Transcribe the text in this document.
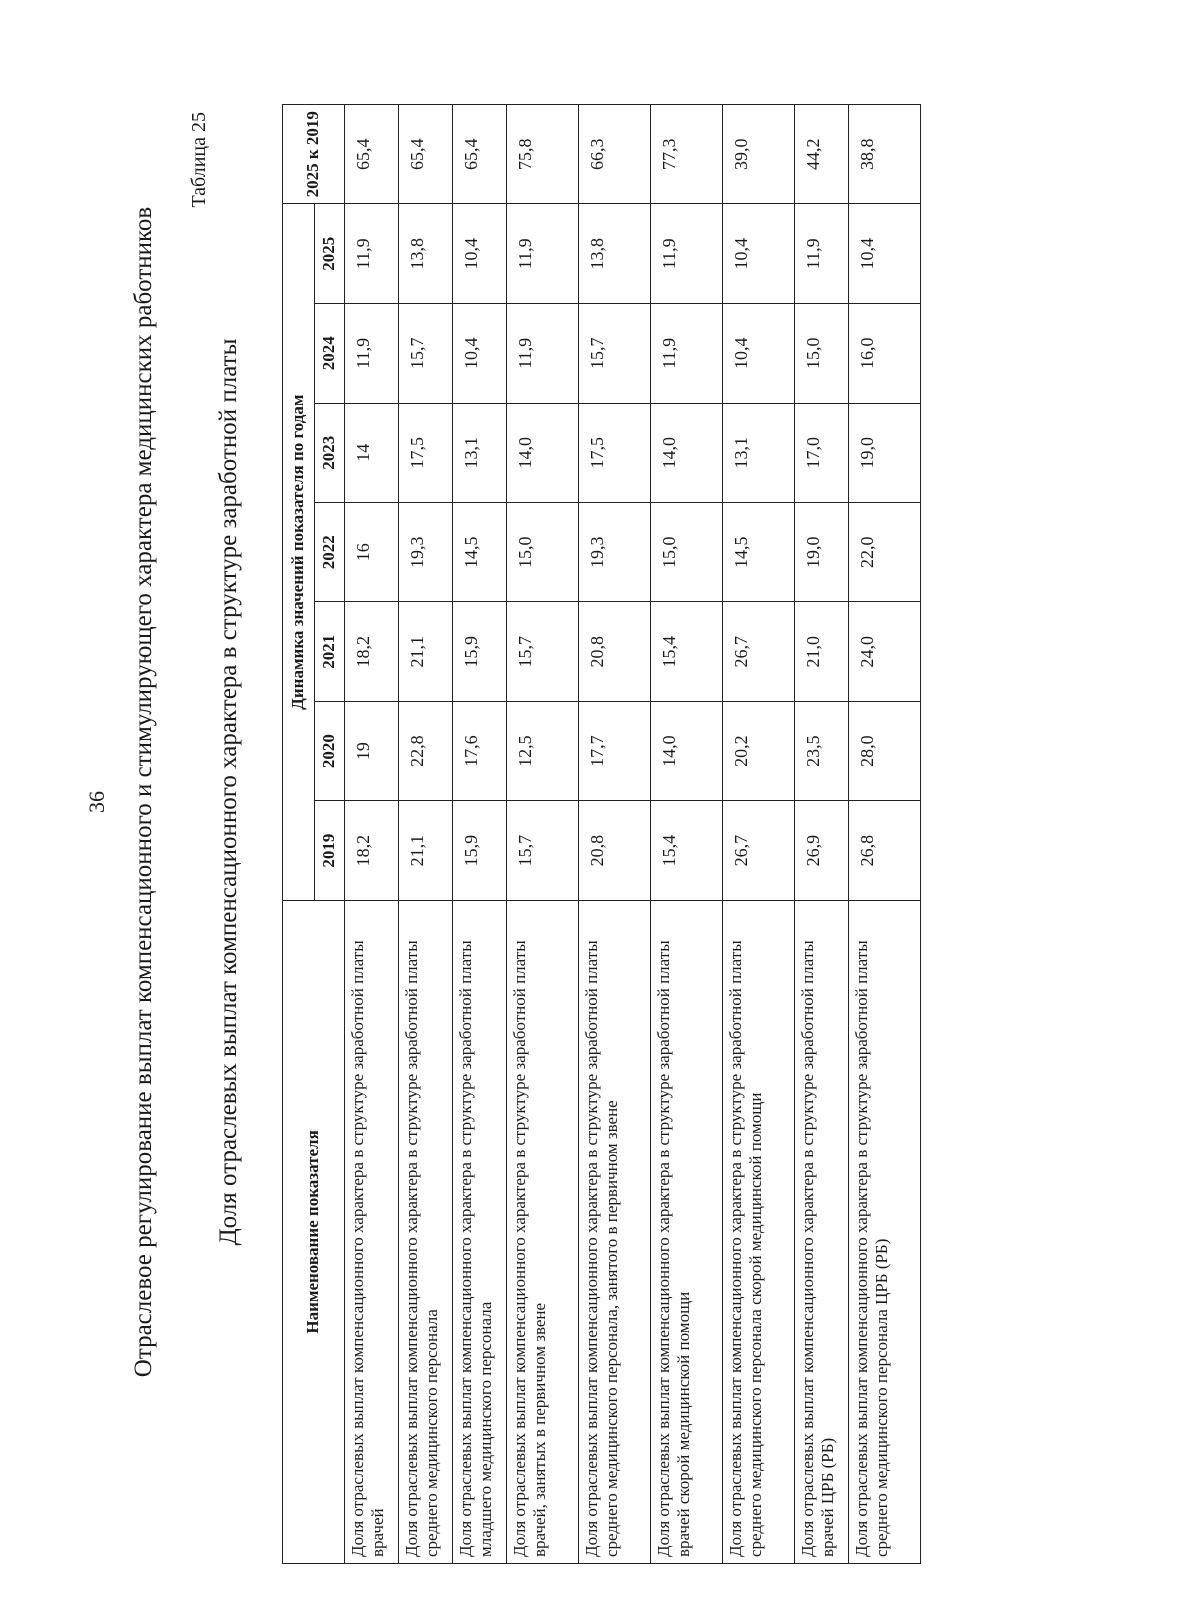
36 Отраслевое регулирование выплат компенсационного и стимулирующего характера медицинских работников
Таблица 25
Доля отраслевых выплат компенсационного характера в структуре заработной платы	Наименование показателя	Динамика значений показателя по годам							2025 к 2019
	2019	2020	2021	2022	2023	2024	2025	
Доля отраслевых выплат компенсационного характера в структуре заработной платы врачей	18,2	19	18,2	16	14	11,9	11,9	65,4
Доля отраслевых выплат компенсационного характера в структуре заработной платы среднего медицинского персонала	21,1	22,8	21,1	19,3	17,5	15,7	13,8	65,4
Доля отраслевых выплат компенсационного характера в структуре заработной платы младшего медицинского персонала	15,9	17,6	15,9	14,5	13,1	10,4	10,4	65,4
Доля отраслевых выплат компенсационного характера в структуре заработной платы врачей, занятых в первичном звене	15,7	12,5	15,7	15,0	14,0	11,9	11,9	75,8
Доля отраслевых выплат компенсационного характера в структуре заработной платы среднего медицинского персонала, занятого в первичном звене	20,8	17,7	20,8	19,3	17,5	15,7	13,8	66,3
Доля отраслевых выплат компенсационного характера в структуре заработной платы врачей скорой медицинской помощи	15,4	14,0	15,4	15,0	14,0	11,9	11,9	77,3
Доля отраслевых выплат компенсационного характера в структуре заработной платы среднего медицинского персонала скорой медицинской помощи	26,7	20,2	26,7	14,5	13,1	10,4	10,4	39,0
Доля отраслевых выплат компенсационного характера в структуре заработной платы врачей ЦРБ (РБ)	26,9	23,5	21,0	19,0	17,0	15,0	11,9	44,2
Доля отраслевых выплат компенсационного характера в структуре заработной платы среднего медицинского персонала ЦРБ (РБ)	26,8	28,0	24,0	22,0	19,0	16,0	10,4	38,8
